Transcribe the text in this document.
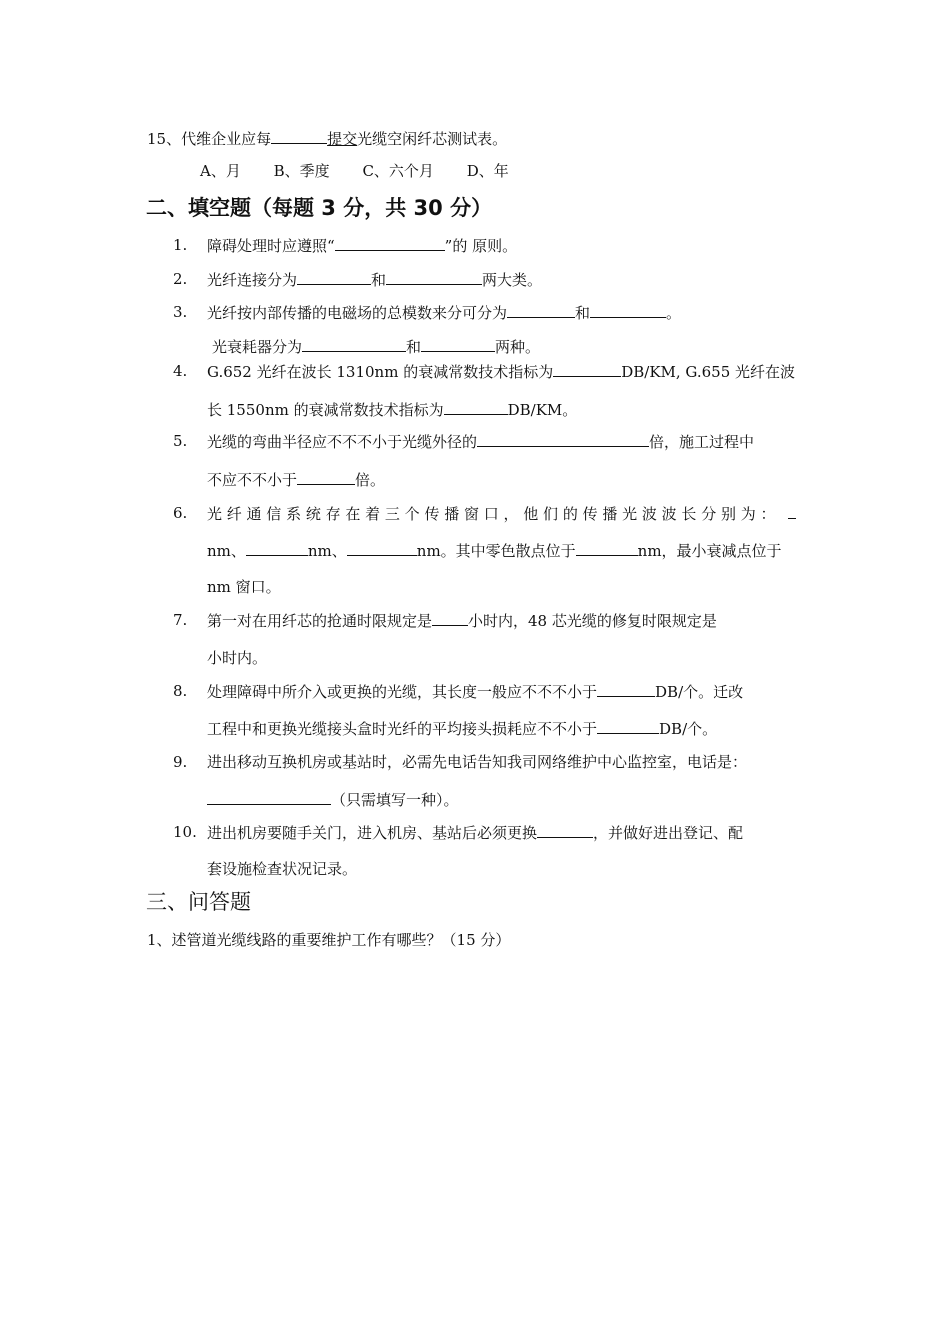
15、代维企业应每	提交光缆空闲纤芯测试表。
A、月 B、季度 C、六个月 D、年
二、填空题（每题 3 分，共 30 分）
1. 障碍处理时应遵照“	”的 原则。
2. 光纤连接分为	和	两大类。
3. 光纤按内部传播的电磁场的总模数来分可分为	和	。
光衰耗器分为	和	两种。
4. G.652 光纤在波长 1310nm 的衰减常数技术指标为	DB/KM, G.655 光纤在波
长 1550nm 的衰减常数技术指标为	DB/KM。
5. 光缆的弯曲半径应不不不小于光缆外径的	倍，施工过程中
不应不不小于	倍。
6. 光 纤 通 信 系 统 存 在 着 三 个 传 播 窗 口 ， 他 们 的 传 播 光 波 波 长 分 别 为 ：
nm、	nm、	nm。其中零色散点位于	nm，最小衰减点位于
nm 窗口。
7. 第一对在用纤芯的抢通时限规定是 小时内，48 芯光缆的修复时限规定是
小时内。
8. 处理障碍中所介入或更换的光缆，其长度一般应不不不小于	DB/个。迁改
工程中和更换光缆接头盒时光纤的平均接头损耗应不不小于	DB/个。
9. 进出移动互换机房或基站时，必需先电话告知我司网络维护中心监控室，电话是：
（只需填写一种）。
10. 进出机房要随手关门，进入机房、基站后必须更换	，并做好进出登记、配
套设施检查状况记录。
三、问答题
1、述管道光缆线路的重要维护工作有哪些？（15 分）
